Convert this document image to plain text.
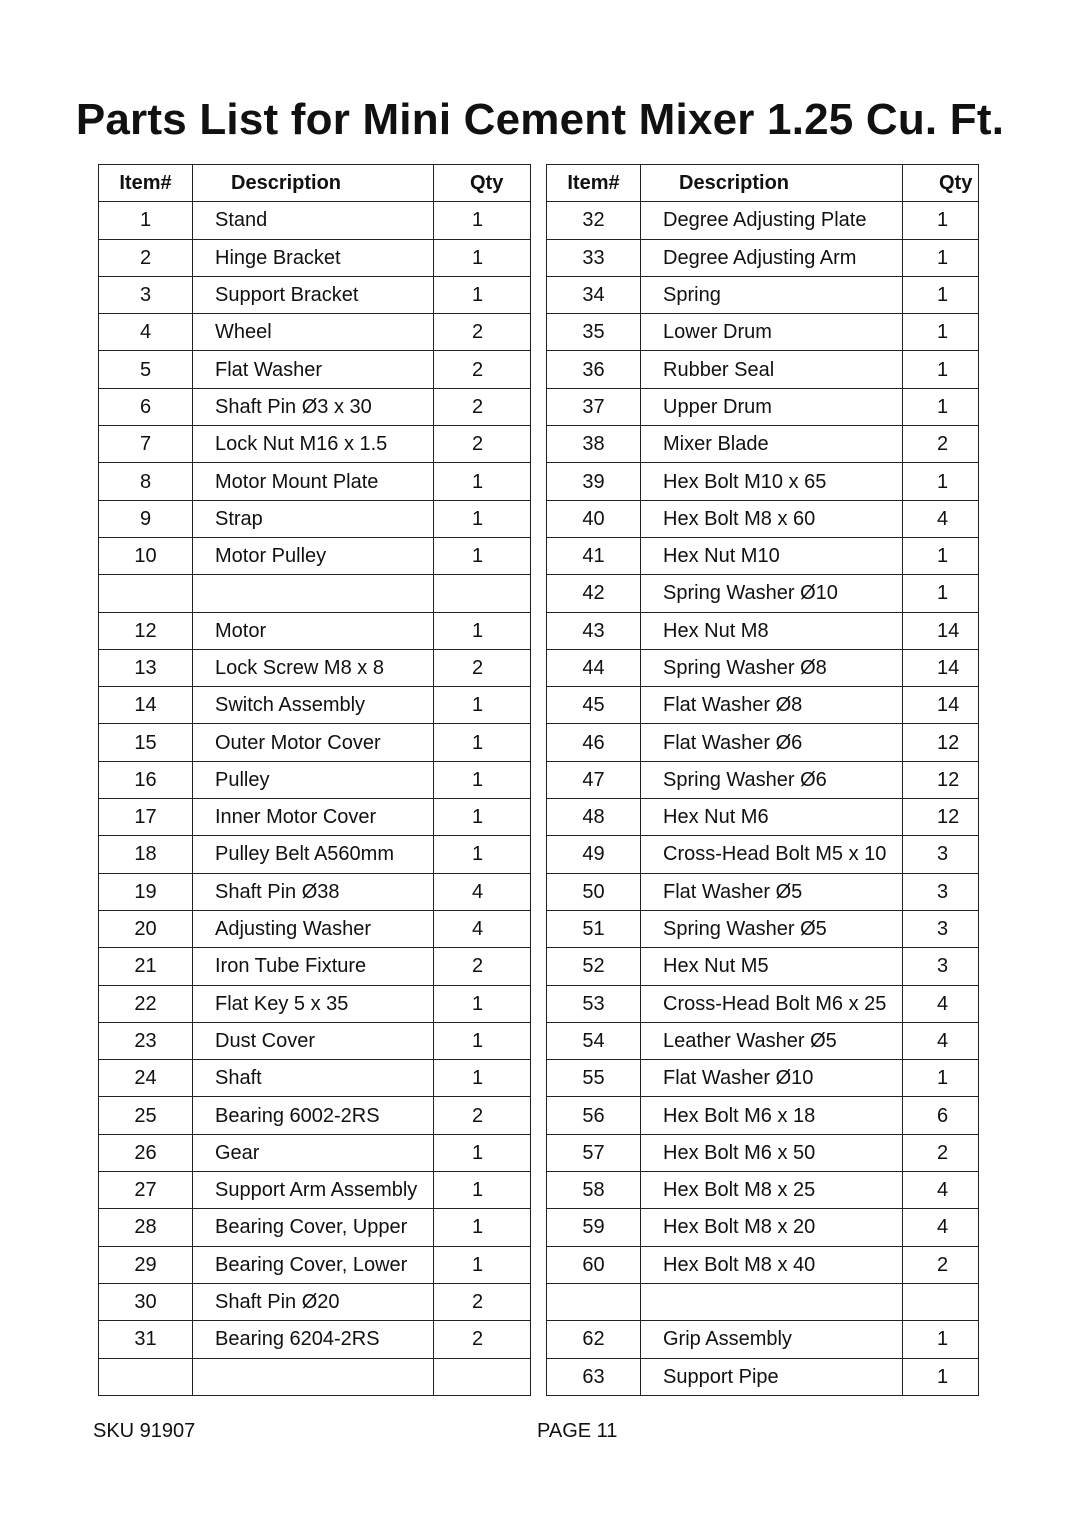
Parts List for Mini Cement Mixer 1.25 Cu. Ft.
Item#	Description	Qty
1	Stand	1
2	Hinge Bracket	1
3	Support Bracket	1
4	Wheel	2
5	Flat Washer	2
6	Shaft Pin Ø3 x 30	2
7	Lock Nut M16 x 1.5	2
8	Motor Mount Plate	1
9	Strap	1
10	Motor Pulley	1

12	Motor	1
13	Lock Screw M8 x 8	2
14	Switch Assembly	1
15	Outer Motor Cover	1
16	Pulley	1
17	Inner Motor Cover	1
18	Pulley Belt A560mm	1
19	Shaft Pin Ø38	4
20	Adjusting Washer	4
21	Iron Tube Fixture	2
22	Flat Key 5 x 35	1
23	Dust Cover	1
24	Shaft	1
25	Bearing 6002-2RS	2
26	Gear	1
27	Support Arm Assembly	1
28	Bearing Cover, Upper	1
29	Bearing Cover, Lower	1
30	Shaft Pin Ø20	2
31	Bearing 6204-2RS	2

Item#	Description	Qty
32	Degree Adjusting Plate	1
33	Degree Adjusting Arm	1
34	Spring	1
35	Lower Drum	1
36	Rubber Seal	1
37	Upper Drum	1
38	Mixer Blade	2
39	Hex Bolt M10 x 65	1
40	Hex Bolt M8 x 60	4
41	Hex Nut M10	1
42	Spring Washer Ø10	1
43	Hex Nut M8	14
44	Spring Washer Ø8	14
45	Flat Washer Ø8	14
46	Flat Washer Ø6	12
47	Spring Washer Ø6	12
48	Hex Nut M6	12
49	Cross-Head Bolt M5 x 10	3
50	Flat Washer Ø5	3
51	Spring Washer Ø5	3
52	Hex Nut M5	3
53	Cross-Head Bolt M6 x 25	4
54	Leather Washer Ø5	4
55	Flat Washer Ø10	1
56	Hex Bolt M6 x 18	6
57	Hex Bolt M6 x 50	2
58	Hex Bolt M8 x 25	4
59	Hex Bolt M8 x 20	4
60	Hex Bolt M8 x 40	2

62	Grip Assembly	1
63	Support Pipe	1
SKU 91907	PAGE 11
